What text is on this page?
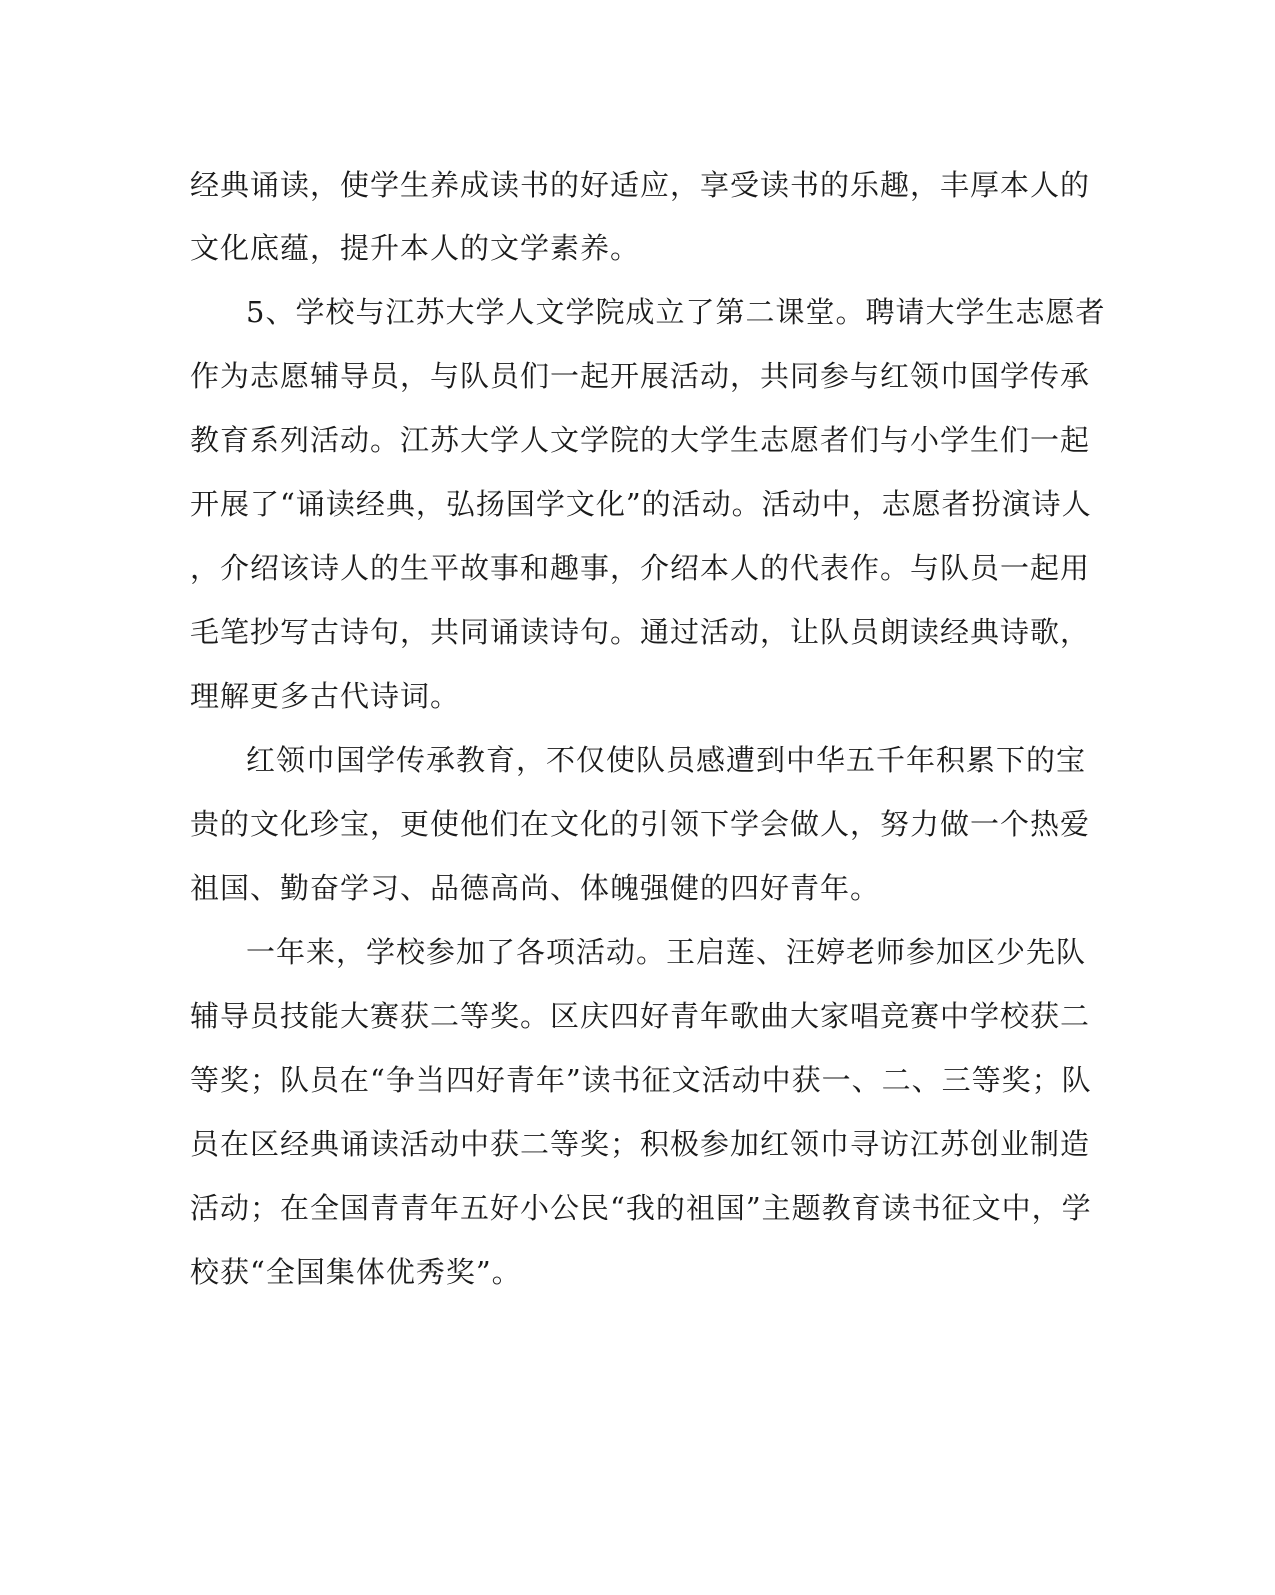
经典诵读，使学生养成读书的好适应，享受读书的乐趣，丰厚本人的
文化底蕴，提升本人的文学素养。
5、学校与江苏大学人文学院成立了第二课堂。聘请大学生志愿者
作为志愿辅导员，与队员们一起开展活动，共同参与红领巾国学传承
教育系列活动。江苏大学人文学院的大学生志愿者们与小学生们一起
开展了“诵读经典，弘扬国学文化”的活动。活动中，志愿者扮演诗人
，介绍该诗人的生平故事和趣事，介绍本人的代表作。与队员一起用
毛笔抄写古诗句，共同诵读诗句。通过活动，让队员朗读经典诗歌，
理解更多古代诗词。
红领巾国学传承教育，不仅使队员感遭到中华五千年积累下的宝
贵的文化珍宝，更使他们在文化的引领下学会做人，努力做一个热爱
祖国、勤奋学习、品德高尚、体魄强健的四好青年。
一年来，学校参加了各项活动。王启莲、汪婷老师参加区少先队
辅导员技能大赛获二等奖。区庆四好青年歌曲大家唱竞赛中学校获二
等奖；队员在“争当四好青年”读书征文活动中获一、二、三等奖；队
员在区经典诵读活动中获二等奖；积极参加红领巾寻访江苏创业制造
活动；在全国青青年五好小公民“我的祖国”主题教育读书征文中，学
校获“全国集体优秀奖”。
